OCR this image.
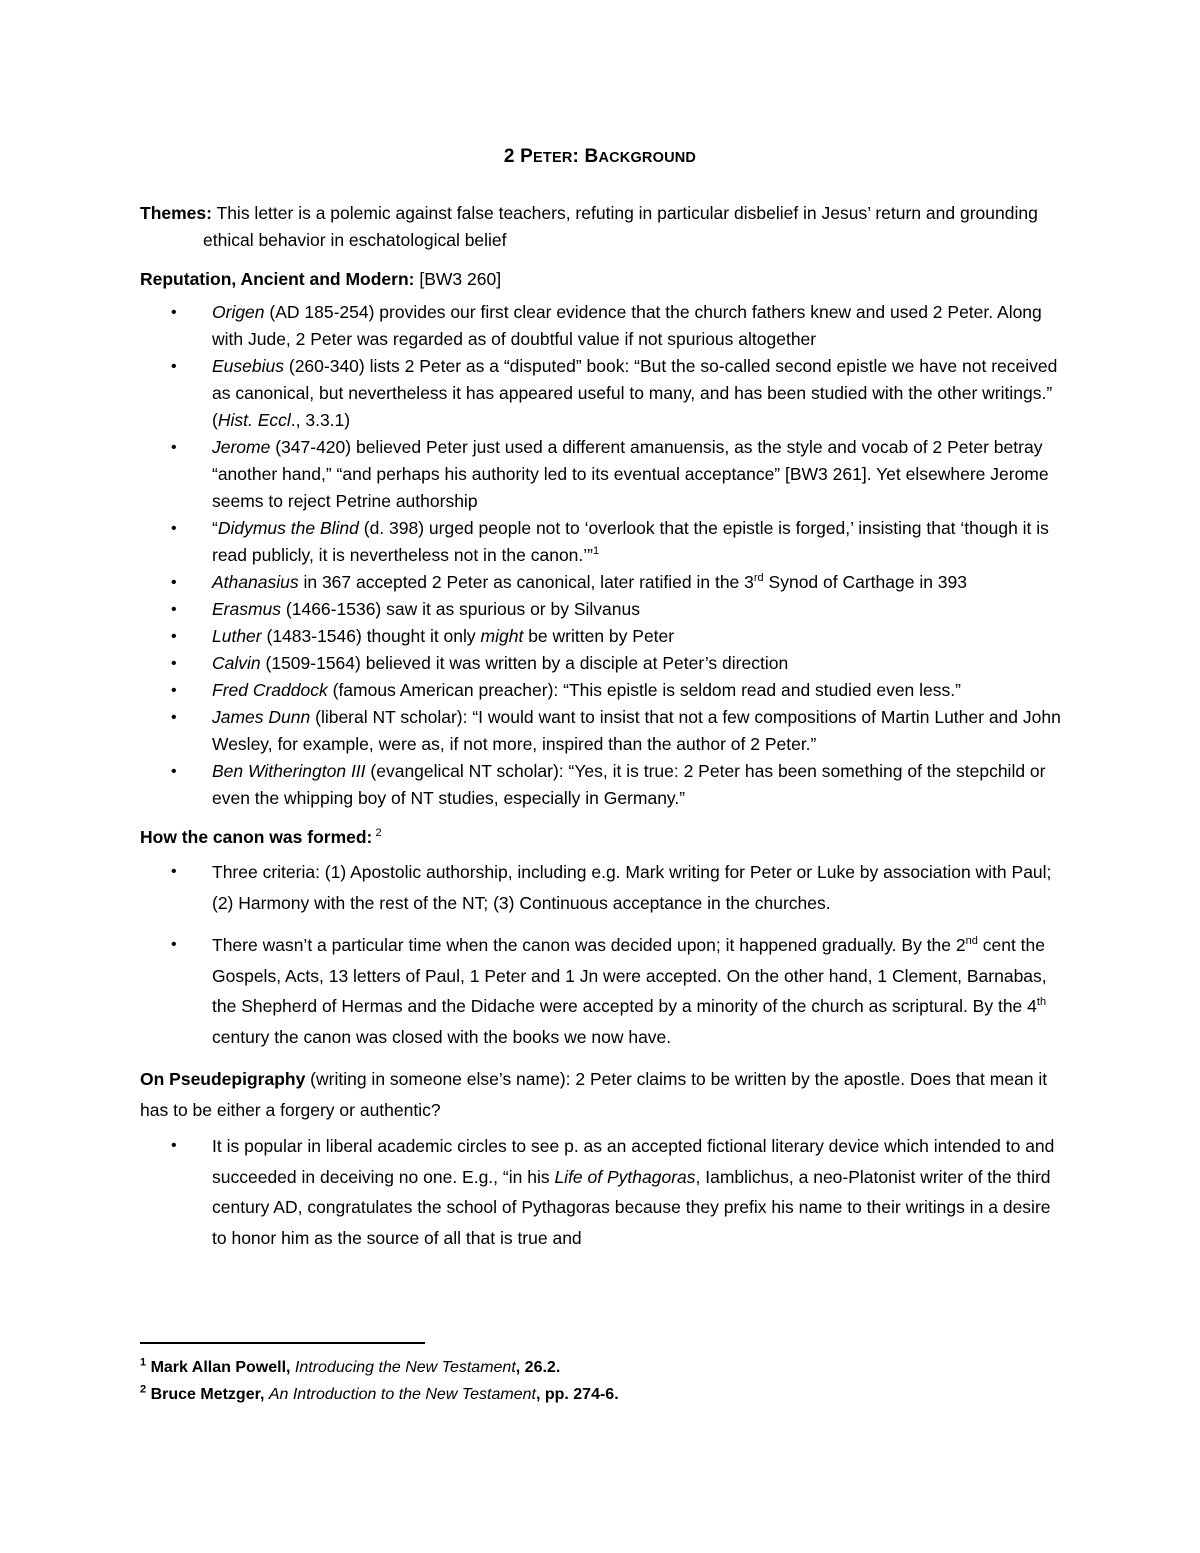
2 PETER: BACKGROUND

Themes: This letter is a polemic against false teachers, refuting in particular disbelief in Jesus’ return and grounding ethical behavior in eschatological belief

Reputation, Ancient and Modern: [BW3 260]

• Origen (AD 185-254) provides our first clear evidence that the church fathers knew and used 2 Peter. Along with Jude, 2 Peter was regarded as of doubtful value if not spurious altogether
• Eusebius (260-340) lists 2 Peter as a “disputed” book: “But the so-called second epistle we have not received as canonical, but nevertheless it has appeared useful to many, and has been studied with the other writings.” (Hist. Eccl., 3.3.1)
• Jerome (347-420) believed Peter just used a different amanuensis, as the style and vocab of 2 Peter betray “another hand,” “and perhaps his authority led to its eventual acceptance” [BW3 261]. Yet elsewhere Jerome seems to reject Petrine authorship
• “Didymus the Blind (d. 398) urged people not to ‘overlook that the epistle is forged,’ insisting that ‘though it is read publicly, it is nevertheless not in the canon.’”$^1$
• Athanasius in 367 accepted 2 Peter as canonical, later ratified in the 3rd Synod of Carthage in 393
• Erasmus (1466-1536) saw it as spurious or by Silvanus
• Luther (1483-1546) thought it only might be written by Peter
• Calvin (1509-1564) believed it was written by a disciple at Peter’s direction
• Fred Craddock (famous American preacher): “This epistle is seldom read and studied even less.”
• James Dunn (liberal NT scholar): “I would want to insist that not a few compositions of Martin Luther and John Wesley, for example, were as, if not more, inspired than the author of 2 Peter.”
• Ben Witherington III (evangelical NT scholar): “Yes, it is true: 2 Peter has been something of the stepchild or even the whipping boy of NT studies, especially in Germany.”

How the canon was formed: $^2$

• Three criteria: (1) Apostolic authorship, including e.g. Mark writing for Peter or Luke by association with Paul; (2) Harmony with the rest of the NT; (3) Continuous acceptance in the churches.
• There wasn’t a particular time when the canon was decided upon; it happened gradually. By the 2nd cent the Gospels, Acts, 13 letters of Paul, 1 Peter and 1 Jn were accepted. On the other hand, 1 Clement, Barnabas, the Shepherd of Hermas and the Didache were accepted by a minority of the church as scriptural. By the 4th century the canon was closed with the books we now have.

On Pseudepigraphy (writing in someone else’s name): 2 Peter claims to be written by the apostle. Does that mean it has to be either a forgery or authentic?

• It is popular in liberal academic circles to see p. as an accepted fictional literary device which intended to and succeeded in deceiving no one. E.g., “in his Life of Pythagoras, Iamblichus, a neo-Platonist writer of the third century AD, congratulates the school of Pythagoras because they prefix his name to their writings in a desire to honor him as the source of all that is true and
$^1$ Mark Allan Powell, Introducing the New Testament, 26.2.
$^2$ Bruce Metzger, An Introduction to the New Testament, pp. 274-6.
